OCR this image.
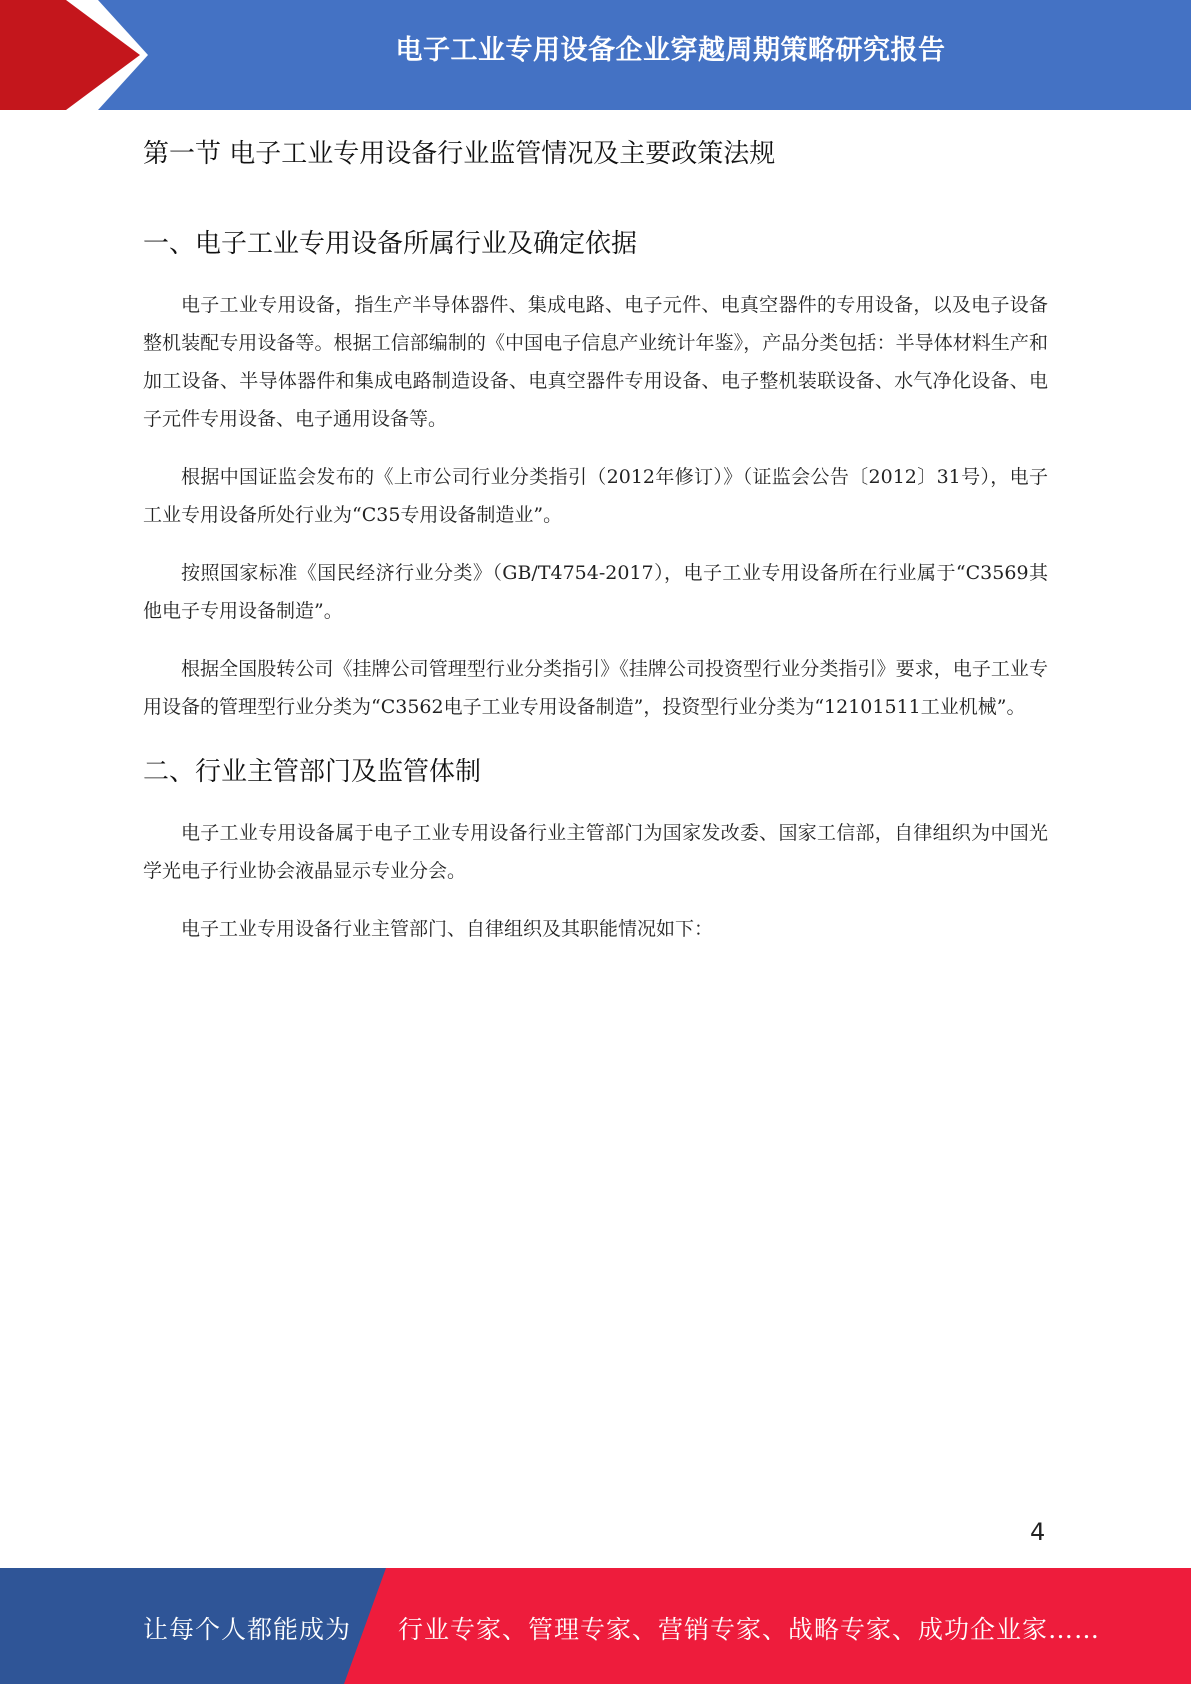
电子工业专用设备企业穿越周期策略研究报告
第一节 电子工业专用设备行业监管情况及主要政策法规
一、电子工业专用设备所属行业及确定依据

电子工业专用设备，指生产半导体器件、集成电路、电子元件、电真空器件的专用设备，以及电子设备整机装配专用设备等。根据工信部编制的《中国电子信息产业统计年鉴》，产品分类包括：半导体材料生产和加工设备、半导体器件和集成电路制造设备、电真空器件专用设备、电子整机装联设备、水气净化设备、电子元件专用设备、电子通用设备等。

根据中国证监会发布的《上市公司行业分类指引（2012年修订）》（证监会公告〔2012〕31号），电子工业专用设备所处行业为“C35专用设备制造业”。

按照国家标准《国民经济行业分类》（GB/T4754-2017），电子工业专用设备所在行业属于“C3569其他电子专用设备制造”。

根据全国股转公司《挂牌公司管理型行业分类指引》《挂牌公司投资型行业分类指引》要求，电子工业专用设备的管理型行业分类为“C3562电子工业专用设备制造”，投资型行业分类为“12101511工业机械”。

二、行业主管部门及监管体制

电子工业专用设备属于电子工业专用设备行业主管部门为国家发改委、国家工信部，自律组织为中国光学光电子行业协会液晶显示专业分会。

电子工业专用设备行业主管部门、自律组织及其职能情况如下：

4
让每个人都能成为 行业专家、管理专家、营销专家、战略专家、成功企业家……
